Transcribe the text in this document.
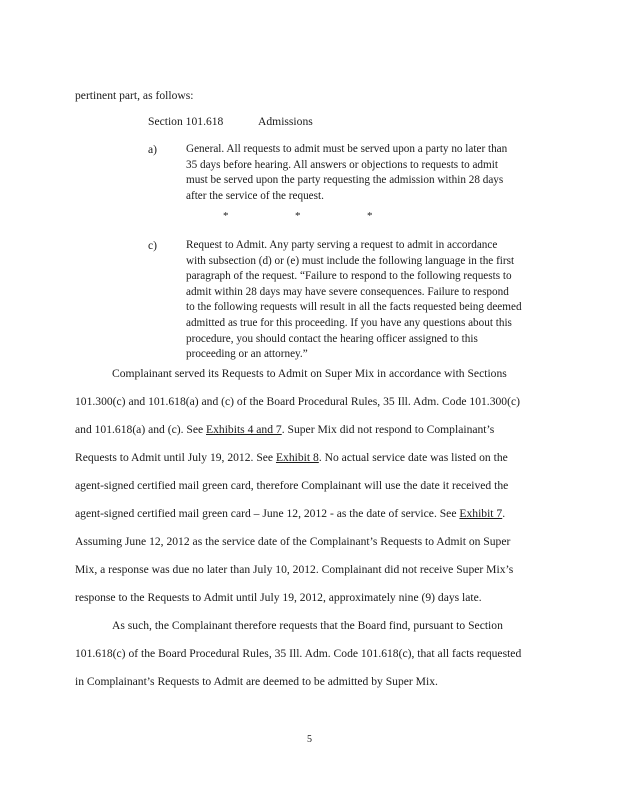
pertinent part, as follows:
Section 101.618	Admissions
a)	General. All requests to admit must be served upon a party no later than
35 days before hearing. All answers or objections to requests to admit
must be served upon the party requesting the admission within 28 days
after the service of the request.
*	*	*
c)	Request to Admit. Any party serving a request to admit in accordance
with subsection (d) or (e) must include the following language in the first
paragraph of the request. “Failure to respond to the following requests to
admit within 28 days may have severe consequences. Failure to respond
to the following requests will result in all the facts requested being deemed
admitted as true for this proceeding. If you have any questions about this
procedure, you should contact the hearing officer assigned to this
proceeding or an attorney.”
Complainant served its Requests to Admit on Super Mix in accordance with Sections
101.300(c) and 101.618(a) and (c) of the Board Procedural Rules, 35 Ill. Adm. Code 101.300(c)
and 101.618(a) and (c). See Exhibits 4 and 7. Super Mix did not respond to Complainant’s
Requests to Admit until July 19, 2012. See Exhibit 8. No actual service date was listed on the
agent-signed certified mail green card, therefore Complainant will use the date it received the
agent-signed certified mail green card – June 12, 2012 - as the date of service. See Exhibit 7.
Assuming June 12, 2012 as the service date of the Complainant’s Requests to Admit on Super
Mix, a response was due no later than July 10, 2012. Complainant did not receive Super Mix’s
response to the Requests to Admit until July 19, 2012, approximately nine (9) days late.
As such, the Complainant therefore requests that the Board find, pursuant to Section
101.618(c) of the Board Procedural Rules, 35 Ill. Adm. Code 101.618(c), that all facts requested
in Complainant’s Requests to Admit are deemed to be admitted by Super Mix.
5
